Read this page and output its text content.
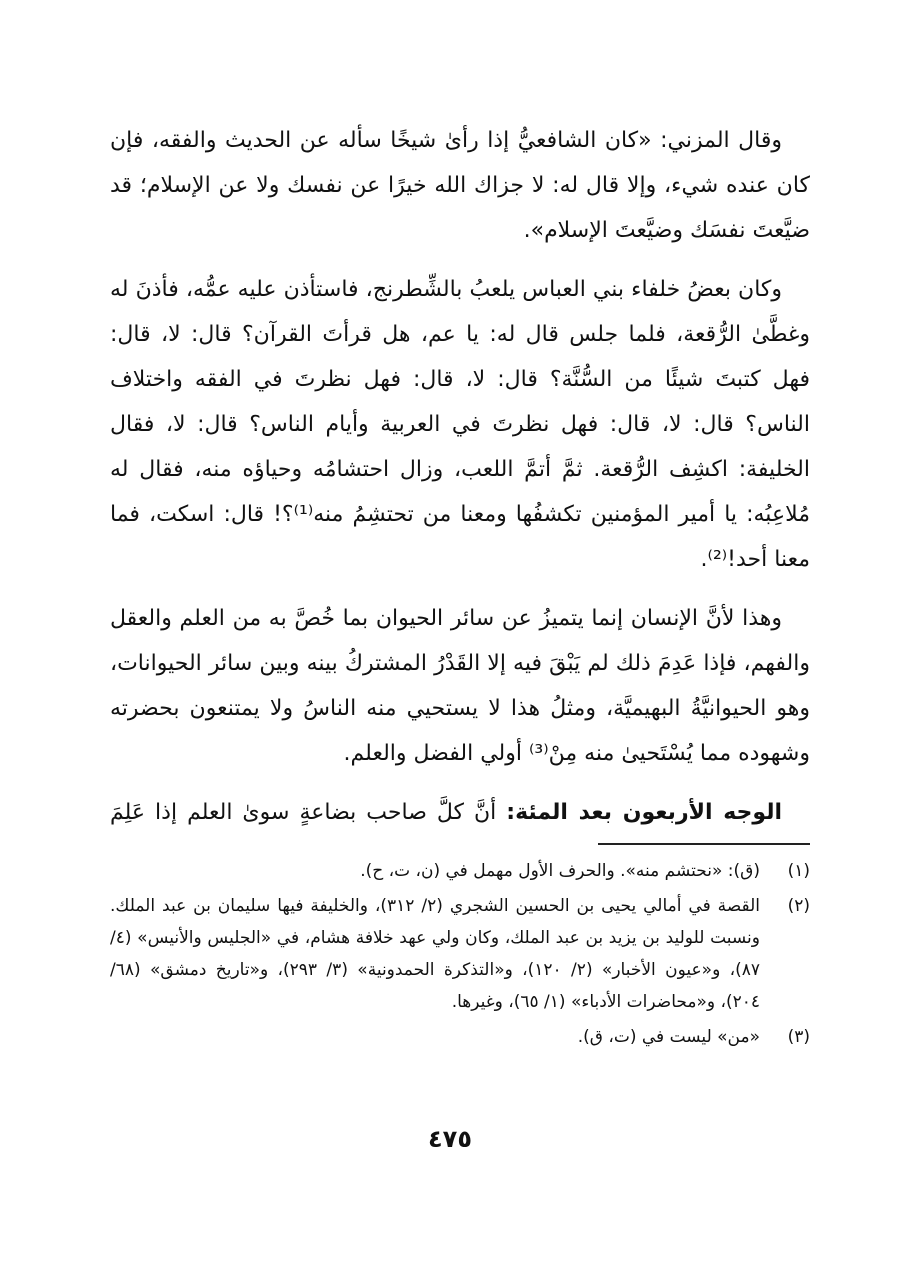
وقال المزني: «كان الشافعيُّ إذا رأىٰ شيخًا سأله عن الحديث والفقه، فإن كان عنده شيء، وإلا قال له: لا جزاك الله خيرًا عن نفسك ولا عن الإسلام؛ قد ضيَّعتَ نفسَك وضيَّعتَ الإسلام».

وكان بعضُ خلفاء بني العباس يلعبُ بالشِّطرنج، فاستأذن عليه عمُّه، فأذنَ له وغطَّىٰ الرُّقعة، فلما جلس قال له: يا عم، هل قرأتَ القرآن؟ قال: لا، قال: فهل كتبتَ شيئًا من السُّنَّة؟ قال: لا، قال: فهل نظرتَ في الفقه واختلاف الناس؟ قال: لا، قال: فهل نظرتَ في العربية وأيام الناس؟ قال: لا، فقال الخليفة: اكشِف الرُّقعة. ثمَّ أتمَّ اللعب، وزال احتشامُه وحياؤه منه، فقال له مُلاعِبُه: يا أمير المؤمنين تكشفُها ومعنا من تحتشِمُ منه⁽¹⁾؟! قال: اسكت، فما معنا أحد!⁽²⁾.

وهذا لأنَّ الإنسان إنما يتميزُ عن سائر الحيوان بما خُصَّ به من العلم والعقل والفهم، فإذا عَدِمَ ذلك لم يَبْقَ فيه إلا القَدْرُ المشتركُ بينه وبين سائر الحيوانات، وهو الحيوانيَّةُ البهيميَّة، ومثلُ هذا لا يستحيي منه الناسُ ولا يمتنعون بحضرته وشهوده مما يُسْتَحيىٰ منه مِنْ⁽³⁾ أولي الفضل والعلم.

الوجه الأربعون بعد المئة: أنَّ كلَّ صاحب بضاعةٍ سوىٰ العلم إذا عَلِمَ

(١)
(ق): «نحتشم منه». والحرف الأول مهمل في (ن، ت، ح).
(٢)
القصة في أمالي يحيى بن الحسين الشجري (٢/ ٣١٢)، والخليفة فيها سليمان بن عبد الملك. ونسبت للوليد بن يزيد بن عبد الملك، وكان ولي عهد خلافة هشام، في «الجليس والأنيس» (٤/ ٨٧)، و«عيون الأخبار» (٢/ ١٢٠)، و«التذكرة الحمدونية» (٣/ ٢٩٣)، و«تاريخ دمشق» (٦٨/ ٢٠٤)، و«محاضرات الأدباء» (١/ ٦٥)، وغيرها.
(٣)
«من» ليست في (ت، ق).
٤٧٥
